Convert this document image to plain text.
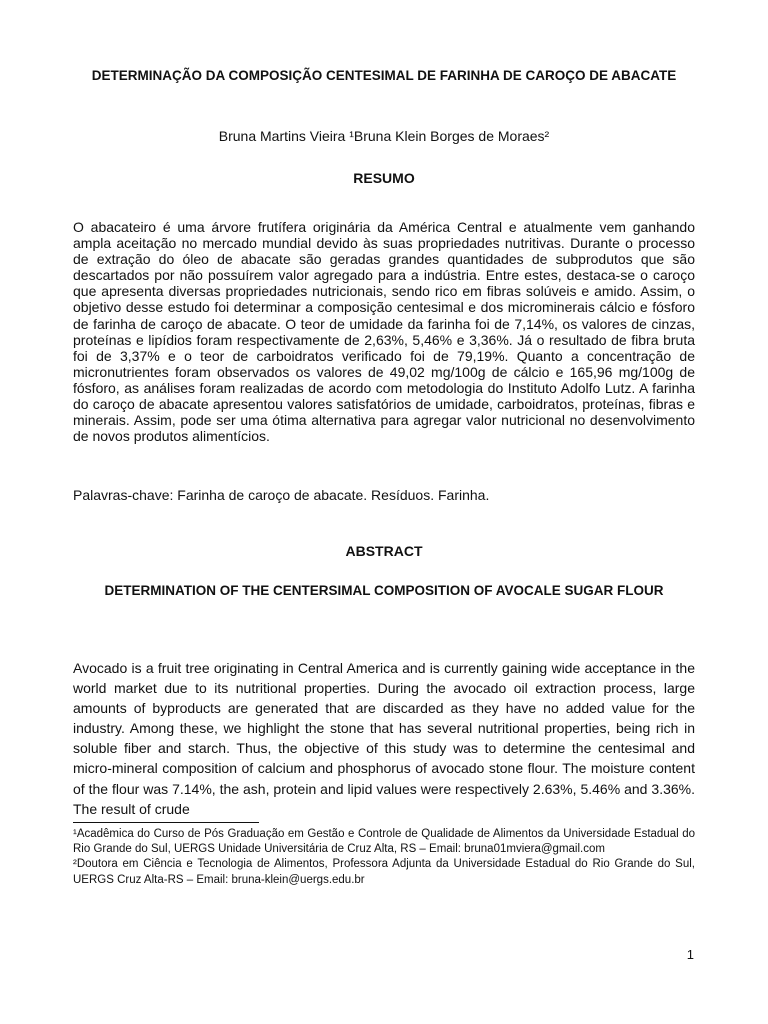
DETERMINAÇÃO DA COMPOSIÇÃO CENTESIMAL DE FARINHA DE CAROÇO DE ABACATE
Bruna Martins Vieira ¹Bruna Klein Borges de Moraes²
RESUMO

O abacateiro é uma árvore frutífera originária da América Central e atualmente vem ganhando ampla aceitação no mercado mundial devido às suas propriedades nutritivas. Durante o processo de extração do óleo de abacate são geradas grandes quantidades de subprodutos que são descartados por não possuírem valor agregado para a indústria. Entre estes, destaca-se o caroço que apresenta diversas propriedades nutricionais, sendo rico em fibras solúveis e amido. Assim, o objetivo desse estudo foi determinar a composição centesimal e dos microminerais cálcio e fósforo de farinha de caroço de abacate. O teor de umidade da farinha foi de 7,14%, os valores de cinzas, proteínas e lipídios foram respectivamente de 2,63%, 5,46% e 3,36%. Já o resultado de fibra bruta foi de 3,37% e o teor de carboidratos verificado foi de 79,19%. Quanto a concentração de micronutrientes foram observados os valores de 49,02 mg/100g de cálcio e 165,96 mg/100g de fósforo, as análises foram realizadas de acordo com metodologia do Instituto Adolfo Lutz. A farinha do caroço de abacate apresentou valores satisfatórios de umidade, carboidratos, proteínas, fibras e minerais. Assim, pode ser uma ótima alternativa para agregar valor nutricional no desenvolvimento de novos produtos alimentícios.

Palavras-chave: Farinha de caroço de abacate. Resíduos. Farinha.

ABSTRACT
DETERMINATION OF THE CENTERSIMAL COMPOSITION OF AVOCALE SUGAR FLOUR

Avocado is a fruit tree originating in Central America and is currently gaining wide acceptance in the world market due to its nutritional properties. During the avocado oil extraction process, large amounts of byproducts are generated that are discarded as they have no added value for the industry. Among these, we highlight the stone that has several nutritional properties, being rich in soluble fiber and starch. Thus, the objective of this study was to determine the centesimal and micro-mineral composition of calcium and phosphorus of avocado stone flour. The moisture content of the flour was 7.14%, the ash, protein and lipid values were respectively 2.63%, 5.46% and 3.36%. The result of crude

¹Acadêmica do Curso de Pós Graduação em Gestão e Controle de Qualidade de Alimentos da Universidade Estadual do Rio Grande do Sul, UERGS Unidade Universitária de Cruz Alta, RS – Email: bruna01mviera@gmail.com

²Doutora em Ciência e Tecnologia de Alimentos, Professora Adjunta da Universidade Estadual do Rio Grande do Sul, UERGS Cruz Alta-RS – Email: bruna-klein@uergs.edu.br

1
